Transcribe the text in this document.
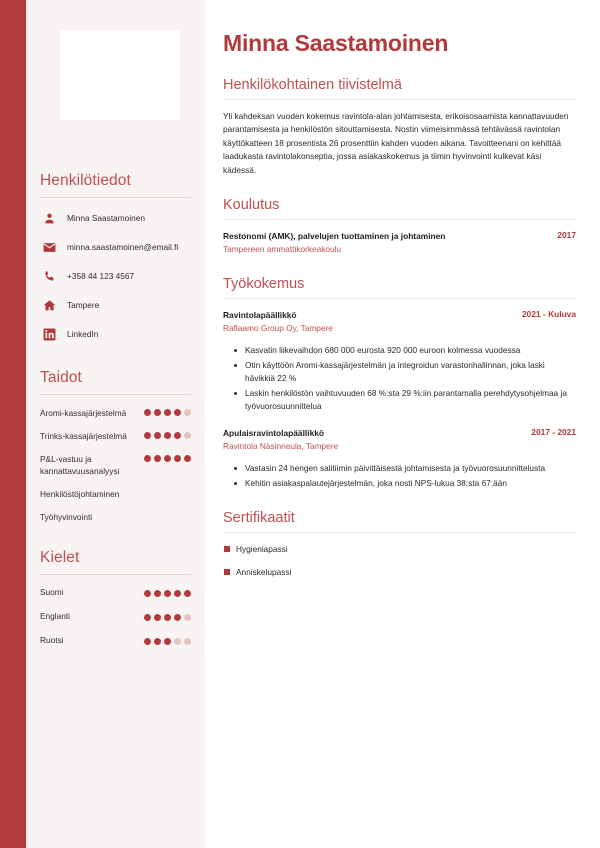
Henkilötiedot
Minna Saastamoinen
minna.saastamoinen@email.fi
+358 44 123 4567
Tampere
LinkedIn
Taidot
Aromi-kassajärjestelmä
Trinks-kassajärjestelmä
P&L-vastuu ja kannattavuusanalyysi
Henkilöstöjohtaminen
Työhyvinvointi
Kielet
Suomi
Englanti
Ruotsi
Minna Saastamoinen
Henkilökohtainen tiivistelmä

Yli kahdeksan vuoden kokemus ravintola-alan johtamisesta, erikoisosaamista kannattavuuden parantamisesta ja henkilöstön sitouttamisesta. Nostin viimeisimmässä tehtävässä ravintolan käyttökatteen 18 prosentista 26 prosenttiin kahden vuoden aikana. Tavoitteenani on kehittää laadukasta ravintolakonseptia, jossa asiakaskokemus ja tiimin hyvinvointi kulkevat käsi kädessä.

Koulutus
Restonomi (AMK), palvelujen tuottaminen ja johtaminen	2017
Tampereen ammattikorkeakoulu
Työkokemus
Ravintolapäällikkö	2021 - Kuluva
Raflaamo Group Oy, Tampere
Kasvatin liikevaihdon 680 000 eurosta 920 000 euroon kolmessa vuodessa
Otin käyttöön Aromi-kassajärjestelmän ja integroidun varastonhallinnan, joka laski hävikkiä 22 %
Laskin henkilöstön vaihtuvuuden 68 %:sta 29 %:iin parantamalla perehdytysohjelmaa ja työvuorosuunnittelua
Apulaisravintolapäällikkö	2017 - 2021
Ravintola Näsinneula, Tampere
Vastasin 24 hengen salitiimin päivittäisestä johtamisesta ja työvuorosuunnittelusta
Kehitin asiakaspalautejärjestelmän, joka nosti NPS-lukua 38:sta 67:ään
Sertifikaatit
Hygieniapassi
Anniskelupassi
